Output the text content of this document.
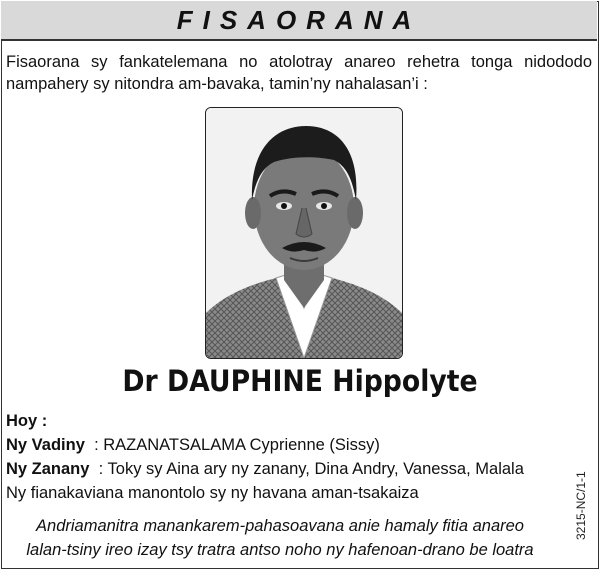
FISAORANA
Fisaorana sy fankatelemana no atolotray anareo rehetra tonga nidododo nampahery sy nitondra am-bavaka, tamin’ny nahalasan’i :
Dr DAUPHINE Hippolyte
Hoy :
Ny Vadiny : RAZANATSALAMA Cyprienne (Sissy)
Ny Zanany : Toky sy Aina ary ny zanany, Dina Andry, Vanessa, Malala
Ny fianakaviana manontolo sy ny havana aman-tsakaiza
Andriamanitra manankarem-pahasoavana anie hamaly fitia anareo
lalan-tsiny ireo izay tsy tratra antso noho ny hafenoan-drano be loatra
3215-NC/1-1
